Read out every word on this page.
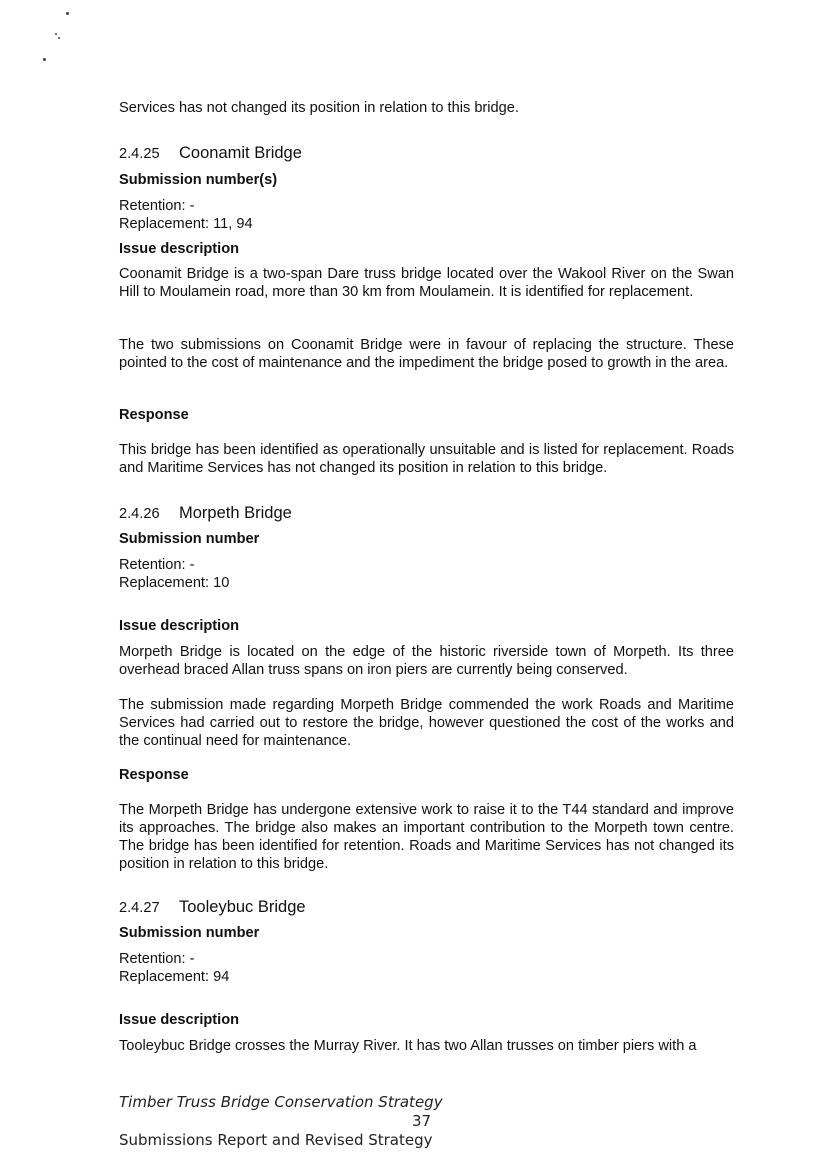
Services has not changed its position in relation to this bridge.
2.4.25 Coonamit Bridge
Submission number(s)
Retention: -
Replacement: 11, 94
Issue description
Coonamit Bridge is a two-span Dare truss bridge located over the Wakool River on the Swan Hill to Moulamein road, more than 30 km from Moulamein. It is identified for replacement.
The two submissions on Coonamit Bridge were in favour of replacing the structure. These pointed to the cost of maintenance and the impediment the bridge posed to growth in the area.
Response
This bridge has been identified as operationally unsuitable and is listed for replacement. Roads and Maritime Services has not changed its position in relation to this bridge.
2.4.26 Morpeth Bridge
Submission number
Retention: -
Replacement: 10
Issue description
Morpeth Bridge is located on the edge of the historic riverside town of Morpeth. Its three overhead braced Allan truss spans on iron piers are currently being conserved.
The submission made regarding Morpeth Bridge commended the work Roads and Maritime Services had carried out to restore the bridge, however questioned the cost of the works and the continual need for maintenance.
Response
The Morpeth Bridge has undergone extensive work to raise it to the T44 standard and improve its approaches. The bridge also makes an important contribution to the Morpeth town centre. The bridge has been identified for retention. Roads and Maritime Services has not changed its position in relation to this bridge.
2.4.27 Tooleybuc Bridge
Submission number
Retention: -
Replacement: 94
Issue description
Tooleybuc Bridge crosses the Murray River. It has two Allan trusses on timber piers with a
Timber Truss Bridge Conservation Strategy
37
Submissions Report and Revised Strategy
